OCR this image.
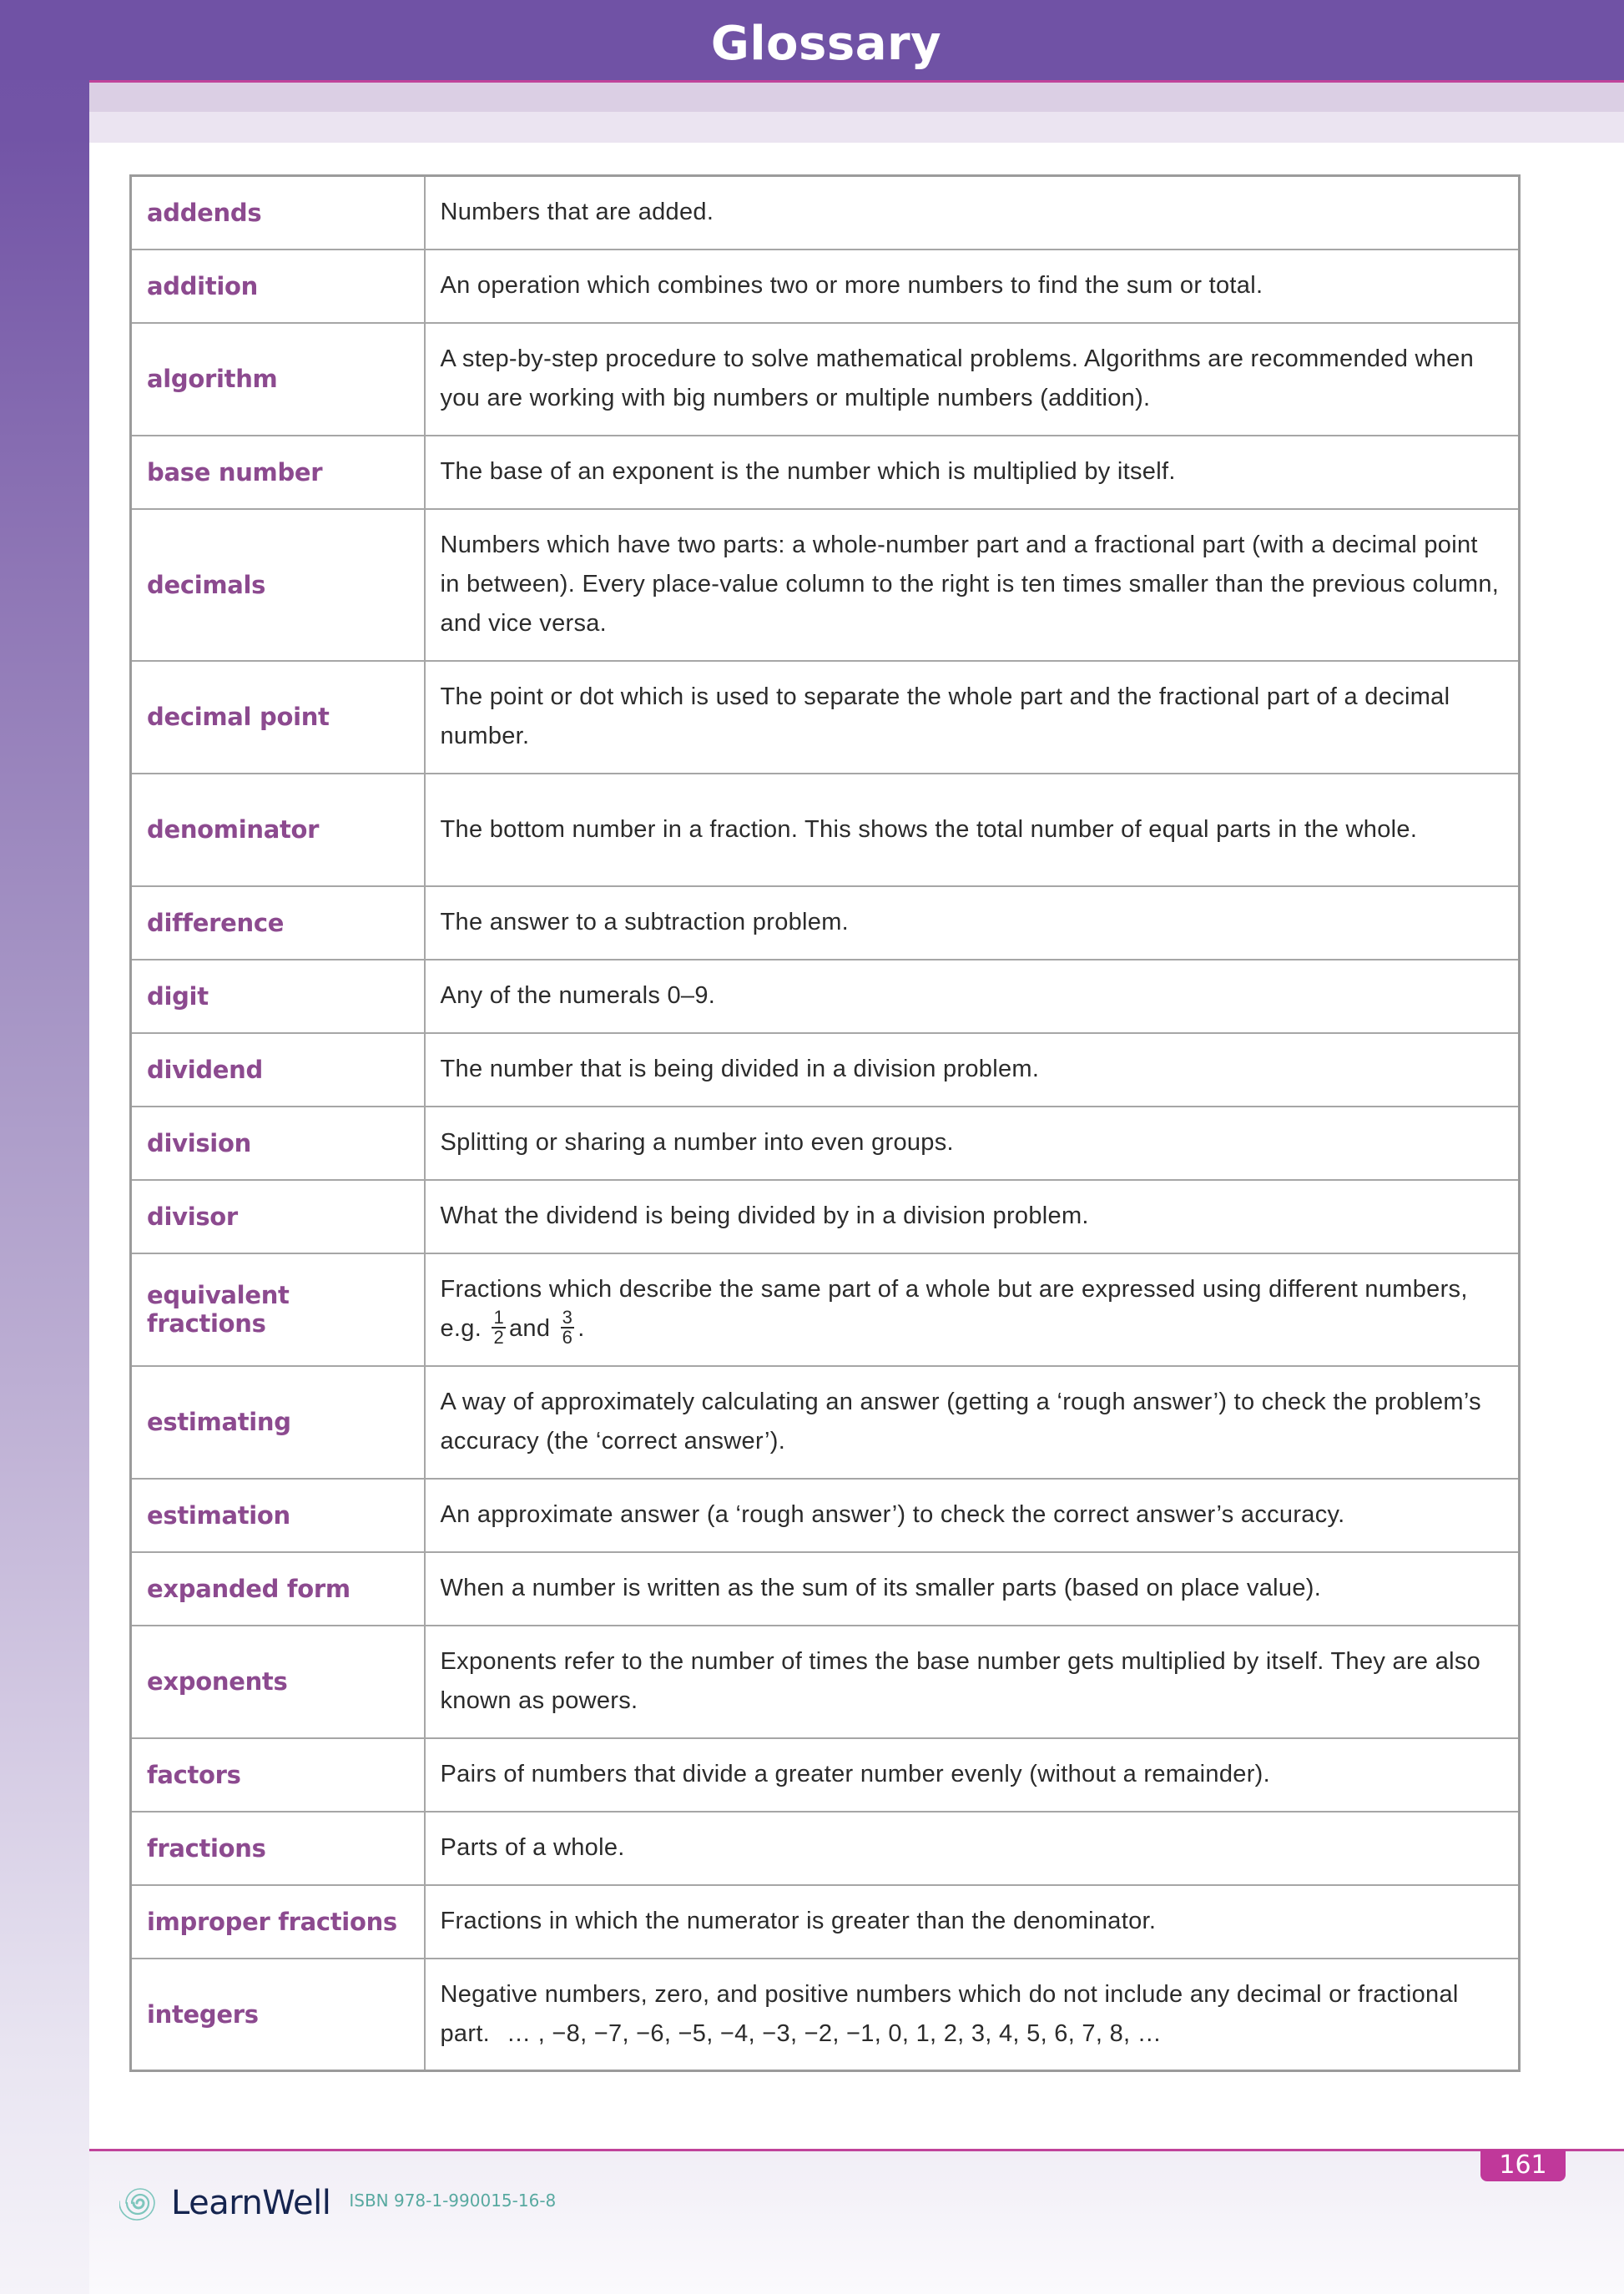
Glossary
addends	Numbers that are added.
addition	An operation which combines two or more numbers to find the sum or total.
algorithm	A step-by-step procedure to solve mathematical problems. Algorithms are recommended when you are working with big numbers or multiple numbers (addition).
base number	The base of an exponent is the number which is multiplied by itself.
decimals	Numbers which have two parts: a whole-number part and a fractional part (with a decimal point in between). Every place-value column to the right is ten times smaller than the previous column, and vice versa.
decimal point	The point or dot which is used to separate the whole part and the fractional part of a decimal number.
denominator	The bottom number in a fraction. This shows the total number of equal parts in the whole.
difference	The answer to a subtraction problem.
digit	Any of the numerals 0–9.
dividend	The number that is being divided in a division problem.
division	Splitting or sharing a number into even groups.
divisor	What the dividend is being divided by in a division problem.
equivalent fractions	Fractions which describe the same part of a whole but are expressed using different numbers, e.g. $\frac{1}{2}$ and $\frac{3}{6}$ .
estimating	A way of approximately calculating an answer (getting a ‘rough answer’) to check the problem’s accuracy (the ‘correct answer’).
estimation	An approximate answer (a ‘rough answer’) to check the correct answer’s accuracy.
expanded form	When a number is written as the sum of its smaller parts (based on place value).
exponents	Exponents refer to the number of times the base number gets multiplied by itself. They are also known as powers.
factors	Pairs of numbers that divide a greater number evenly (without a remainder).
fractions	Parts of a whole.
improper fractions	Fractions in which the numerator is greater than the denominator.
integers	Negative numbers, zero, and positive numbers which do not include any decimal or fractional part. … , −8, −7, −6, −5, −4, −3, −2, −1, 0, 1, 2, 3, 4, 5, 6, 7, 8, …
161
LearnWell ISBN 978-1-990015-16-8
